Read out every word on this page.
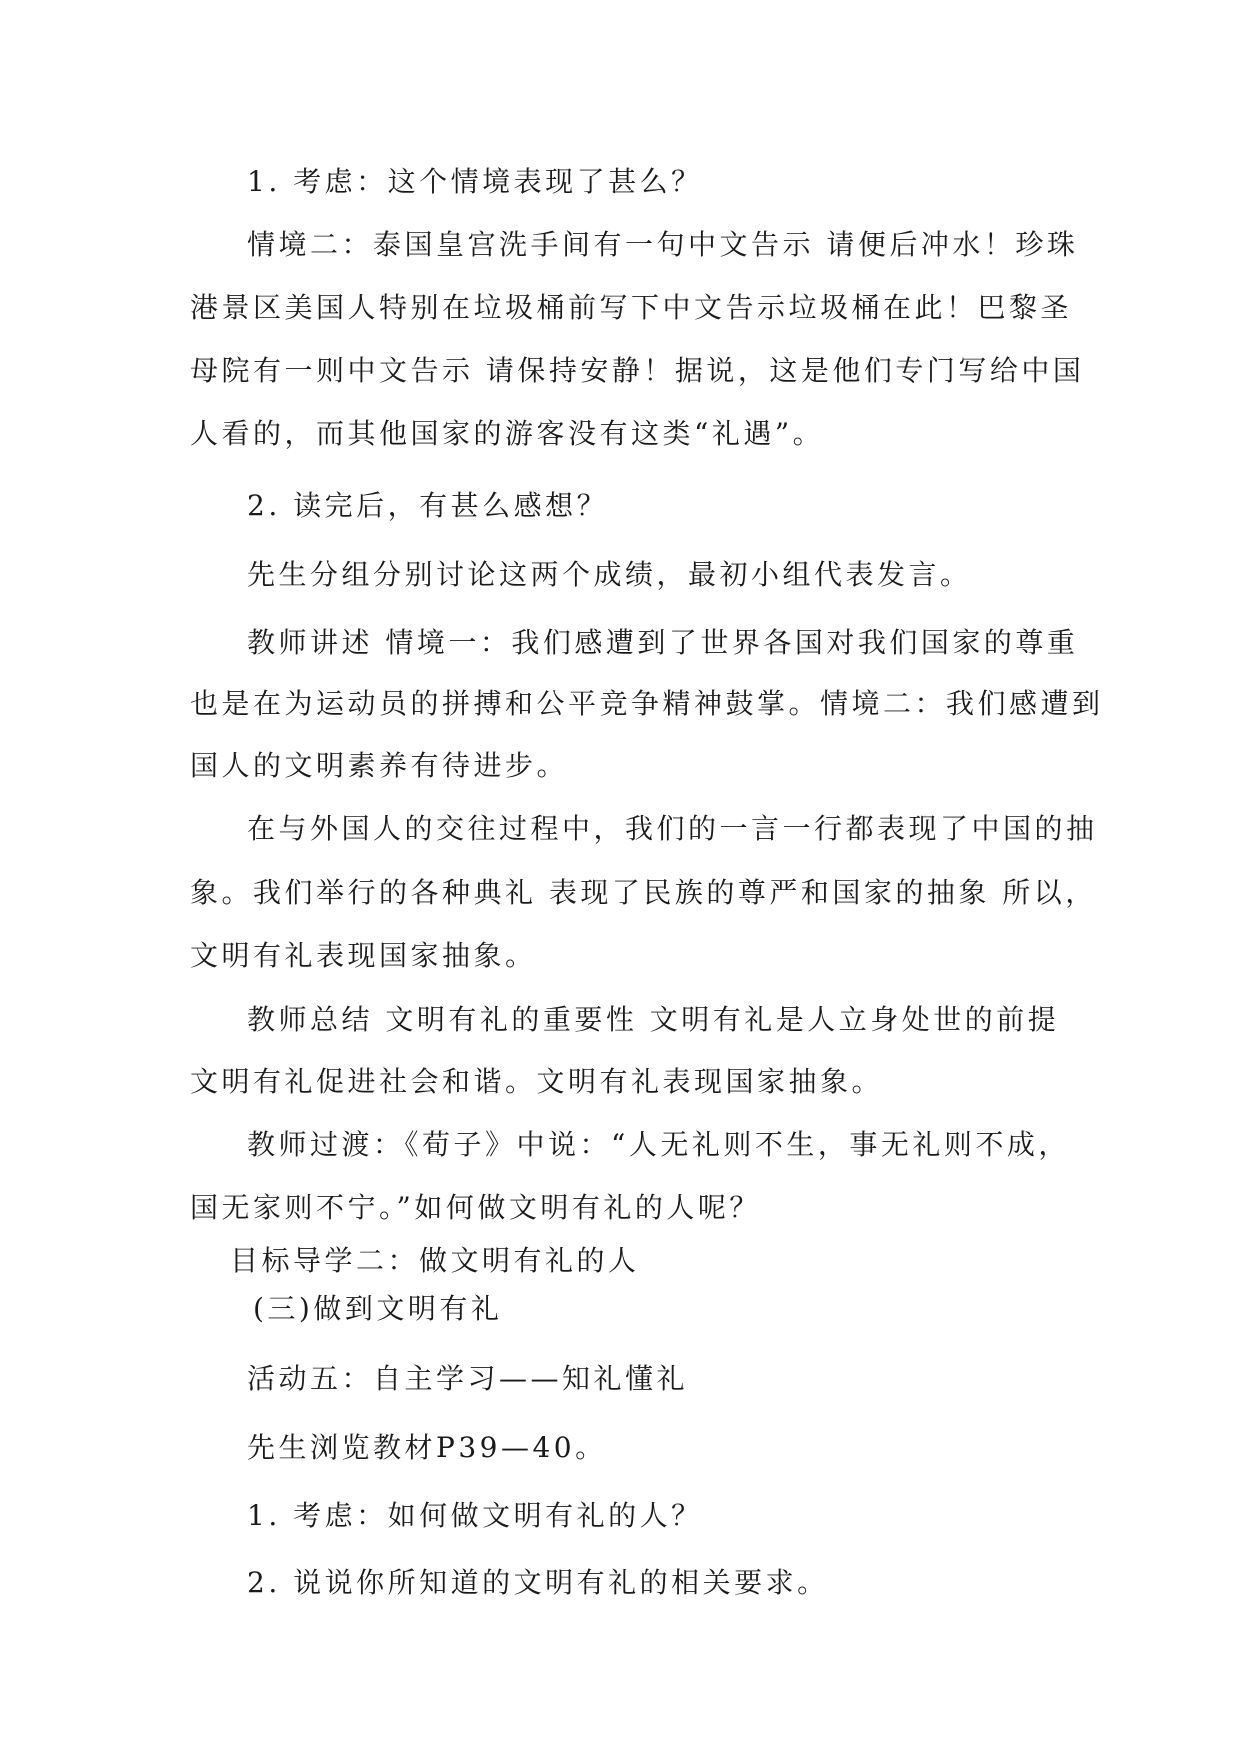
1. 考虑：这个情境表现了甚么？
情境二：泰国皇宫洗手间有一句中文告示 请便后冲水！珍珠
港景区美国人特别在垃圾桶前写下中文告示垃圾桶在此！巴黎圣
母院有一则中文告示 请保持安静！据说，这是他们专门写给中国
人看的，而其他国家的游客没有这类“礼遇”。
2. 读完后，有甚么感想？
先生分组分别讨论这两个成绩，最初小组代表发言。
教师讲述 情境一：我们感遭到了世界各国对我们国家的尊重
也是在为运动员的拼搏和公平竞争精神鼓掌。情境二：我们感遭到
国人的文明素养有待进步。
在与外国人的交往过程中，我们的一言一行都表现了中国的抽
象。我们举行的各种典礼 表现了民族的尊严和国家的抽象 所以，
文明有礼表现国家抽象。
教师总结 文明有礼的重要性 文明有礼是人立身处世的前提
文明有礼促进社会和谐。文明有礼表现国家抽象。
教师过渡：《荀子》中说：“人无礼则不生，事无礼则不成，
国无家则不宁。”如何做文明有礼的人呢？
目标导学二：做文明有礼的人
(三)做到文明有礼
活动五：自主学习——知礼懂礼
先生浏览教材P39—40。
1. 考虑：如何做文明有礼的人？
2. 说说你所知道的文明有礼的相关要求。
